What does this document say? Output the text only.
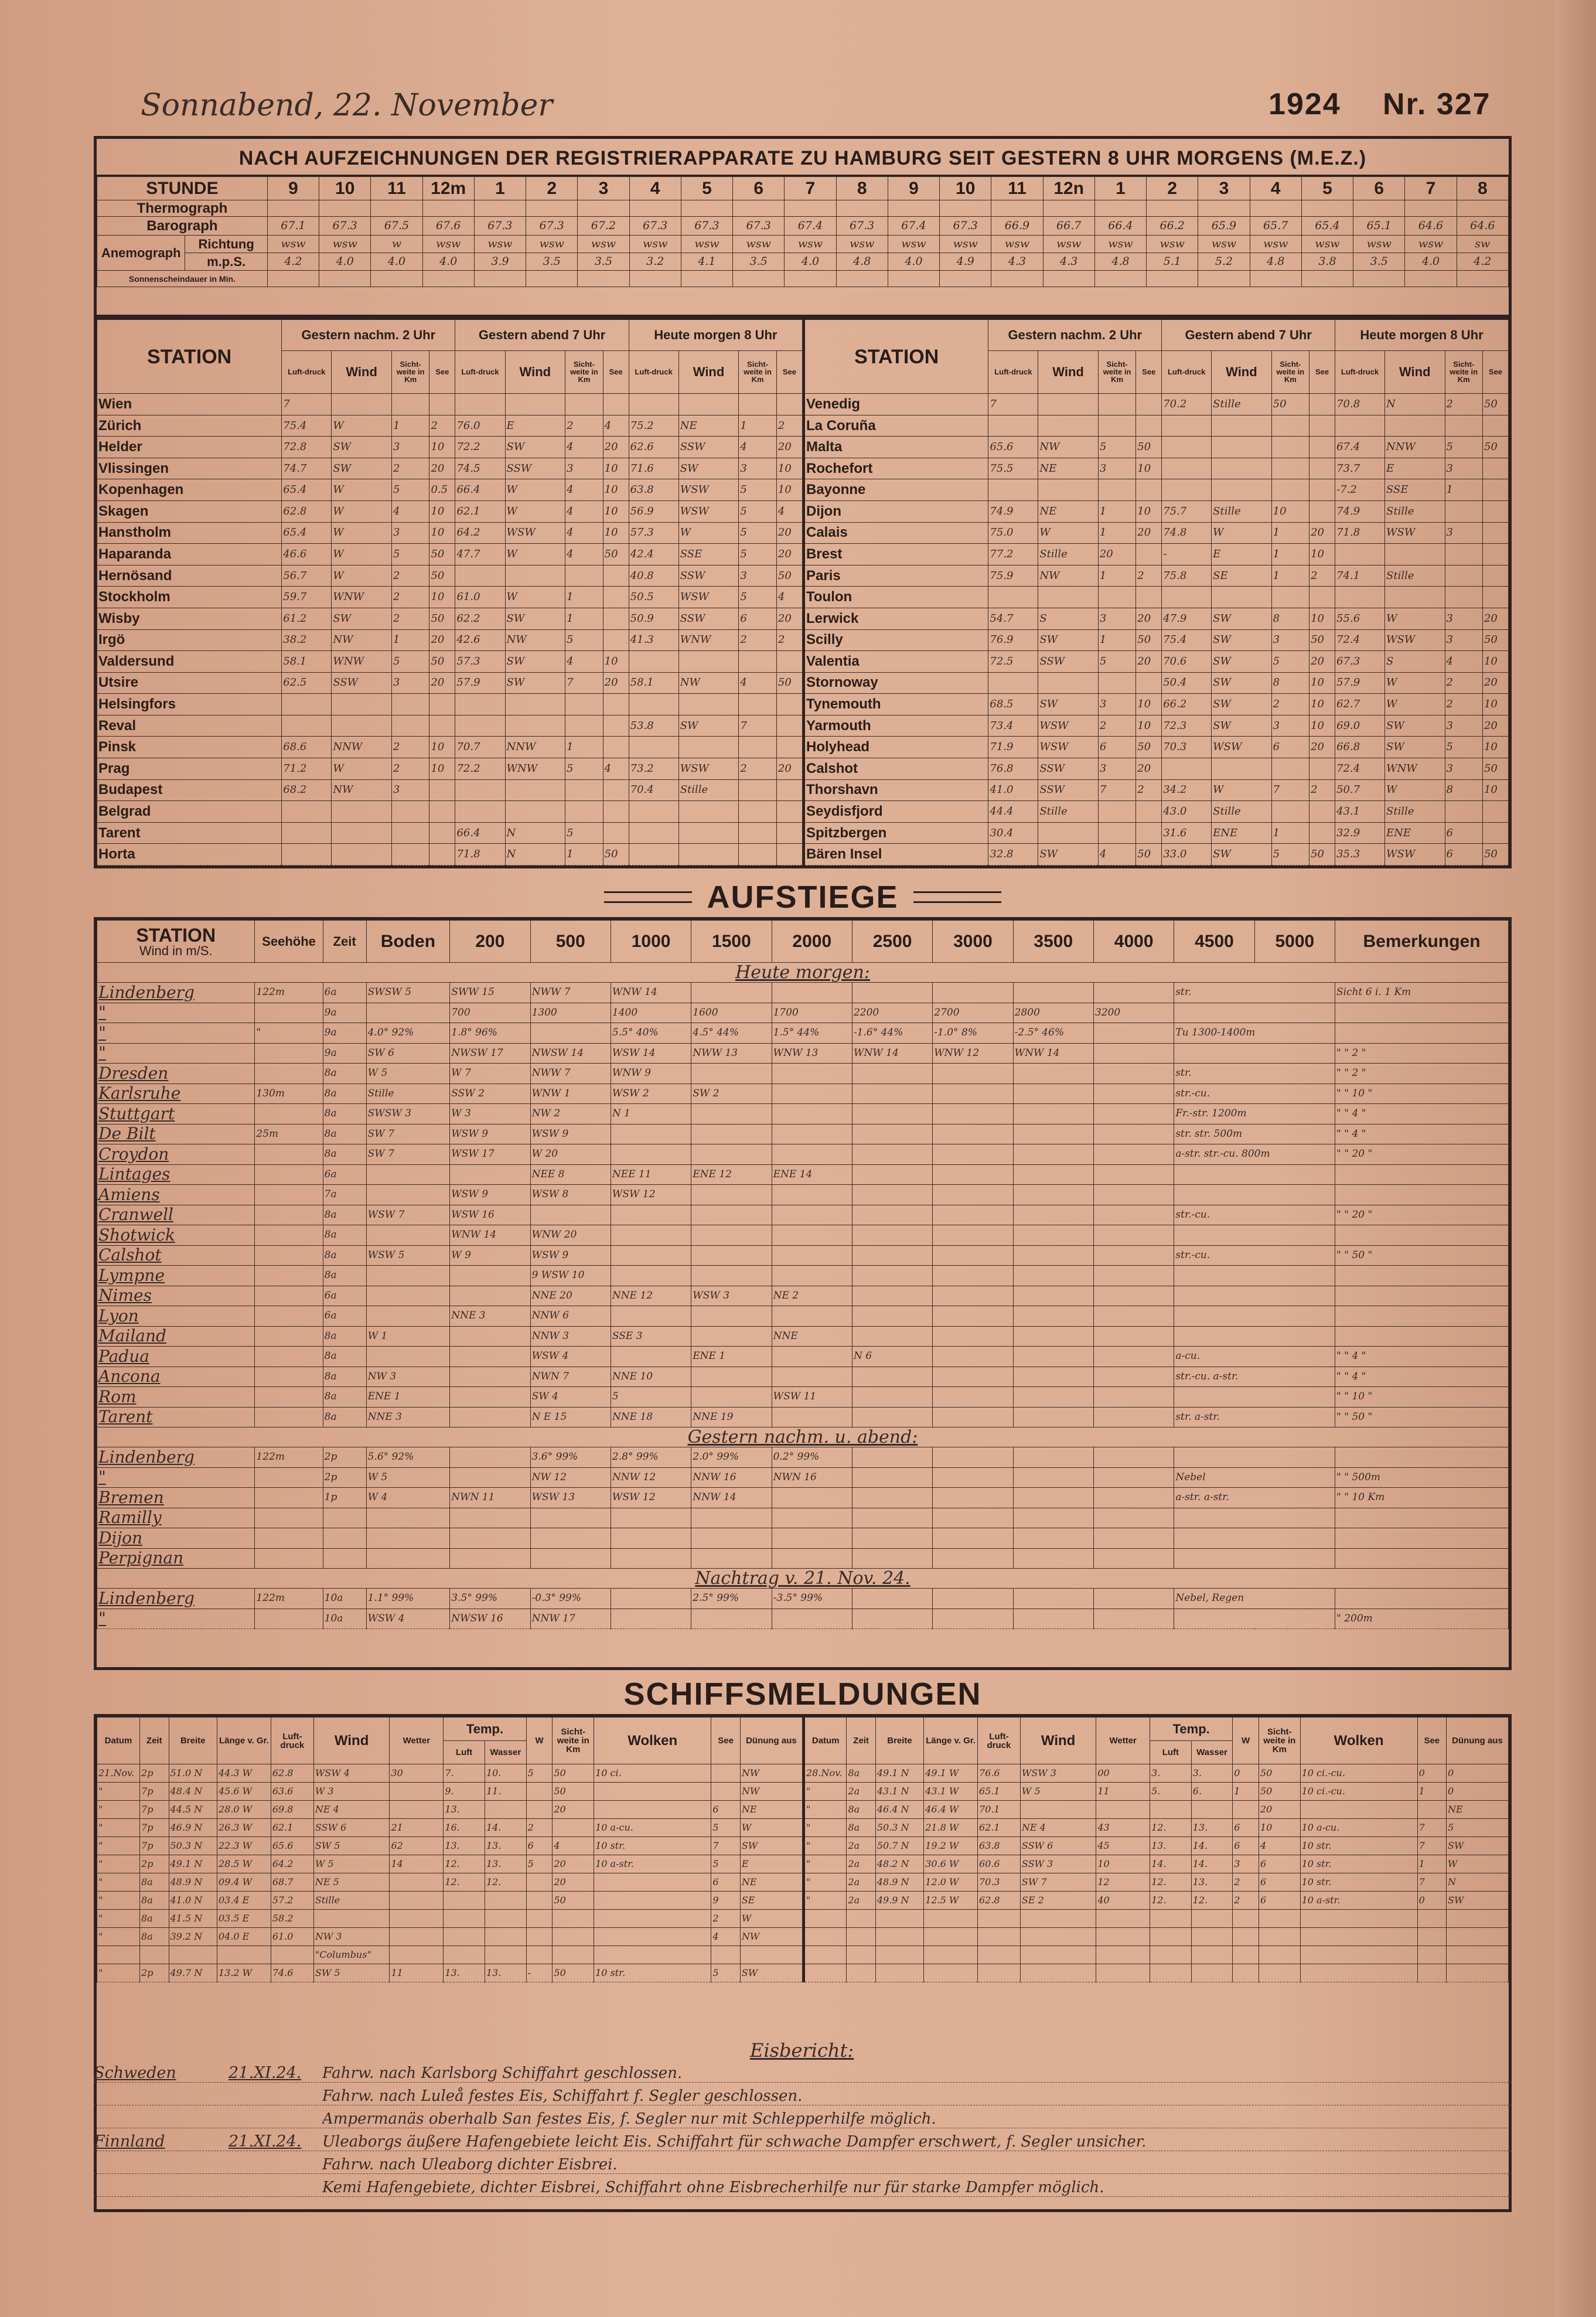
Sonnabend, 22. November	1924 Nr. 327
NACH AUFZEICHNUNGEN DER REGISTRIERAPPARATE ZU HAMBURG SEIT GESTERN 8 UHR MORGENS (M.E.Z.)
STUNDE		9	10	11	12m	1	2	3	4	5	6	7	8	9	10	11	12n	1	2	3	4	5	6	7	8
Thermograph																									
Barograph		67.1	67.3	67.5	67.6	67.3	67.3	67.2	67.3	67.3	67.3	67.4	67.3	67.4	67.3	66.9	66.7	66.4	66.2	65.9	65.7	65.4	65.1	64.6	64.6
Anemograph	Richtung	wsw	wsw	w	wsw	wsw	wsw	wsw	wsw	wsw	wsw	wsw	wsw	wsw	wsw	wsw	wsw	wsw	wsw	wsw	wsw	wsw	wsw	wsw	sw
	m.p.S.	4.2	4.0	4.0	4.0	3.9	3.5	3.5	3.2	4.1	3.5	4.0	4.8	4.0	4.9	4.3	4.3	4.8	5.1	5.2	4.8	3.8	3.5	4.0	4.2
Sonnenscheindauer in Min.																									
STATION	Gestern nachm. 2 Uhr				Gestern abend 7 Uhr				Heute morgen 8 Uhr			
	Luft-druck	Wind	Sicht-weite in Km	See	Luft-druck	Wind	Sicht-weite in Km	See	Luft-druck	Wind	Sicht-weite in Km	See
Wien	7											
Zürich	75.4	W	1	2	76.0	E	2	4	75.2	NE	1	2
Helder	72.8	SW	3	10	72.2	SW	4	20	62.6	SSW	4	20
Vlissingen	74.7	SW	2	20	74.5	SSW	3	10	71.6	SW	3	10
Kopenhagen	65.4	W	5	0.5	66.4	W	4	10	63.8	WSW	5	10
Skagen	62.8	W	4	10	62.1	W	4	10	56.9	WSW	5	4
Hanstholm	65.4	W	3	10	64.2	WSW	4	10	57.3	W	5	20
Haparanda	46.6	W	5	50	47.7	W	4	50	42.4	SSE	5	20
Hernösand	56.7	W	2	50					40.8	SSW	3	50
Stockholm	59.7	WNW	2	10	61.0	W	1		50.5	WSW	5	4
Wisby	61.2	SW	2	50	62.2	SW	1		50.9	SSW	6	20
Irgö	38.2	NW	1	20	42.6	NW	5		41.3	WNW	2	2
Valdersund	58.1	WNW	5	50	57.3	SW	4	10				
Utsire	62.5	SSW	3	20	57.9	SW	7	20	58.1	NW	4	50
Helsingfors												
Reval									53.8	SW	7	
Pinsk	68.6	NNW	2	10	70.7	NNW	1					
Prag	71.2	W	2	10	72.2	WNW	5	4	73.2	WSW	2	20
Budapest	68.2	NW	3						70.4	Stille		
Belgrad												
Tarent					66.4	N	5					
Horta					71.8	N	1	50				
STATION	Gestern nachm. 2 Uhr				Gestern abend 7 Uhr				Heute morgen 8 Uhr			
	Luft-druck	Wind	Sicht-weite in Km	See	Luft-druck	Wind	Sicht-weite in Km	See	Luft-druck	Wind	Sicht-weite in Km	See
Venedig	7				70.2	Stille	50		70.8	N	2	50
La Coruña												
Malta	65.6	NW	5	50					67.4	NNW	5	50
Rochefort	75.5	NE	3	10					73.7	E	3	
Bayonne									-7.2	SSE	1	
Dijon	74.9	NE	1	10	75.7	Stille	10		74.9	Stille		
Calais	75.0	W	1	20	74.8	W	1	20	71.8	WSW	3	
Brest	77.2	Stille	20		-	E	1	10				
Paris	75.9	NW	1	2	75.8	SE	1	2	74.1	Stille		
Toulon												
Lerwick	54.7	S	3	20	47.9	SW	8	10	55.6	W	3	20
Scilly	76.9	SW	1	50	75.4	SW	3	50	72.4	WSW	3	50
Valentia	72.5	SSW	5	20	70.6	SW	5	20	67.3	S	4	10
Stornoway					50.4	SW	8	10	57.9	W	2	20
Tynemouth	68.5	SW	3	10	66.2	SW	2	10	62.7	W	2	10
Yarmouth	73.4	WSW	2	10	72.3	SW	3	10	69.0	SW	3	20
Holyhead	71.9	WSW	6	50	70.3	WSW	6	20	66.8	SW	5	10
Calshot	76.8	SSW	3	20					72.4	WNW	3	50
Thorshavn	41.0	SSW	7	2	34.2	W	7	2	50.7	W	8	10
Seydisfjord	44.4	Stille			43.0	Stille			43.1	Stille		
Spitzbergen	30.4				31.6	ENE	1		32.9	ENE	6	
Bären Insel	32.8	SW	4	50	33.0	SW	5	50	35.3	WSW	6	50
AUFSTIEGE
STATION
Wind in m/S.	Seehöhe	Zeit	Boden	200	500	1000	1500	2000	2500	3000	3500	4000	4500	5000	Bemerkungen
Heute morgen:															
Lindenberg	122m	6a	SWSW 5	SWW 15	NWW 7	WNW 14							str.		Sicht 6 i. 1 Km
"		9a		700	1300	1400	1600	1700	2200	2700	2800	3200			
"	"	9a	4.0° 92%	1.8° 96%		5.5° 40%	4.5° 44%	1.5° 44%	-1.6° 44%	-1.0° 8%	-2.5° 46%		Tu 1300-1400m		
"		9a	SW 6	NWSW 17	NWSW 14	WSW 14	NWW 13	WNW 13	WNW 14	WNW 12	WNW 14				" " 2 "
Dresden		8a	W 5	W 7	NWW 7	WNW 9							str.		" " 2 "
Karlsruhe	130m	8a	Stille	SSW 2	WNW 1	WSW 2	SW 2						str.-cu.		" " 10 "
Stuttgart		8a	SWSW 3	W 3	NW 2	N 1							Fr.-str. 1200m		" " 4 "
De Bilt	25m	8a	SW 7	WSW 9	WSW 9								str. str. 500m		" " 4 "
Croydon		8a	SW 7	WSW 17	W 20								a-str. str.-cu. 800m		" " 20 "
Lintages		6a			NEE 8	NEE 11	ENE 12	ENE 14							
Amiens		7a		WSW 9	WSW 8	WSW 12									
Cranwell		8a	WSW 7	WSW 16									str.-cu.		" " 20 "
Shotwick		8a		WNW 14	WNW 20										
Calshot		8a	WSW 5	W 9	WSW 9								str.-cu.		" " 50 "
Lympne		8a			9 WSW 10										
Nimes		6a			NNE 20	NNE 12	WSW 3	NE 2							
Lyon		6a		NNE 3	NNW 6										
Mailand		8a	W 1		NNW 3	SSE 3		NNE							
Padua		8a			WSW 4		ENE 1		N 6				a-cu.		" " 4 "
Ancona		8a	NW 3		NWN 7	NNE 10							str.-cu. a-str.		" " 4 "
Rom		8a	ENE 1		SW 4	5		WSW 11							" " 10 "
Tarent		8a	NNE 3		N E 15	NNE 18	NNE 19						str. a-str.		" " 50 "
Gestern nachm. u. abend:															
Lindenberg	122m	2p	5.6° 92%		3.6° 99%	2.8° 99%	2.0° 99%	0.2° 99%							
"		2p	W 5		NW 12	NNW 12	NNW 16	NWN 16					Nebel		" " 500m
Bremen		1p	W 4	NWN 11	WSW 13	WSW 12	NNW 14						a-str. a-str.		" " 10 Km
Ramilly															
Dijon															
Perpignan															
Nachtrag v. 21. Nov. 24.															
Lindenberg	122m	10a	1.1° 99%	3.5° 99%	-0.3° 99%		2.5° 99%	-3.5° 99%					Nebel, Regen		
"		10a	WSW 4	NWSW 16	NNW 17										" 200m
SCHIFFSMELDUNGEN
Datum	Zeit	Breite	Länge v. Gr.	Luft-druck	Wind	Wetter	Temp.		W	Sicht-weite in Km	Wolken	See	Dünung aus
							Luft	Wasser					
21.Nov.	2p	51.0 N	44.3 W	62.8	WSW 4	30	7.	10.	5	50	10 ci.		NW
"	7p	48.4 N	45.6 W	63.6	W 3		9.	11.		50			NW
"	7p	44.5 N	28.0 W	69.8	NE 4		13.			20		6	NE
"	7p	46.9 N	26.3 W	62.1	SSW 6	21	16.	14.	2		10 a-cu.	5	W
"	7p	50.3 N	22.3 W	65.6	SW 5	62	13.	13.	6	4	10 str.	7	SW
"	2p	49.1 N	28.5 W	64.2	W 5	14	12.	13.	5	20	10 a-str.	5	E
"	8a	48.9 N	09.4 W	68.7	NE 5		12.	12.		20		6	NE
"	8a	41.0 N	03.4 E	57.2	Stille					50		9	SE
"	8a	41.5 N	03.5 E	58.2								2	W
"	8a	39.2 N	04.0 E	61.0	NW 3							4	NW
					"Columbus"								
"	2p	49.7 N	13.2 W	74.6	SW 5	11	13.	13.	-	50	10 str.	5	SW
Datum	Zeit	Breite	Länge v. Gr.	Luft-druck	Wind	Wetter	Temp.		W	Sicht-weite in Km	Wolken	See	Dünung aus
							Luft	Wasser					
28.Nov.	8a	49.1 N	49.1 W	76.6	WSW 3	00	3.	3.	0	50	10 ci.-cu.	0	0
"	2a	43.1 N	43.1 W	65.1	W 5	11	5.	6.	1	50	10 ci.-cu.	1	0
"	8a	46.4 N	46.4 W	70.1						20			NE
"	8a	50.3 N	21.8 W	62.1	NE 4	43	12.	13.	6	10	10 a-cu.	7	5
"	2a	50.7 N	19.2 W	63.8	SSW 6	45	13.	14.	6	4	10 str.	7	SW
"	2a	48.2 N	30.6 W	60.6	SSW 3	10	14.	14.	3	6	10 str.	1	W
"	2a	48.9 N	12.0 W	70.3	SW 7	12	12.	13.	2	6	10 str.	7	N
"	2a	49.9 N	12.5 W	62.8	SE 2	40	12.	12.	2	6	10 a-str.	0	SW

Eisbericht:
Schweden	21.XI.24.	Fahrw. nach Karlsborg Schiffahrt geschlossen.
Fahrw. nach Luleå festes Eis, Schiffahrt f. Segler geschlossen.
Ampermanäs oberhalb San festes Eis, f. Segler nur mit Schlepperhilfe möglich.
Finnland	21.XI.24.	Uleaborgs äußere Hafengebiete leicht Eis. Schiffahrt für schwache Dampfer erschwert, f. Segler unsicher.
Fahrw. nach Uleaborg dichter Eisbrei.
Kemi Hafengebiete, dichter Eisbrei, Schiffahrt ohne Eisbrecherhilfe nur für starke Dampfer möglich.
